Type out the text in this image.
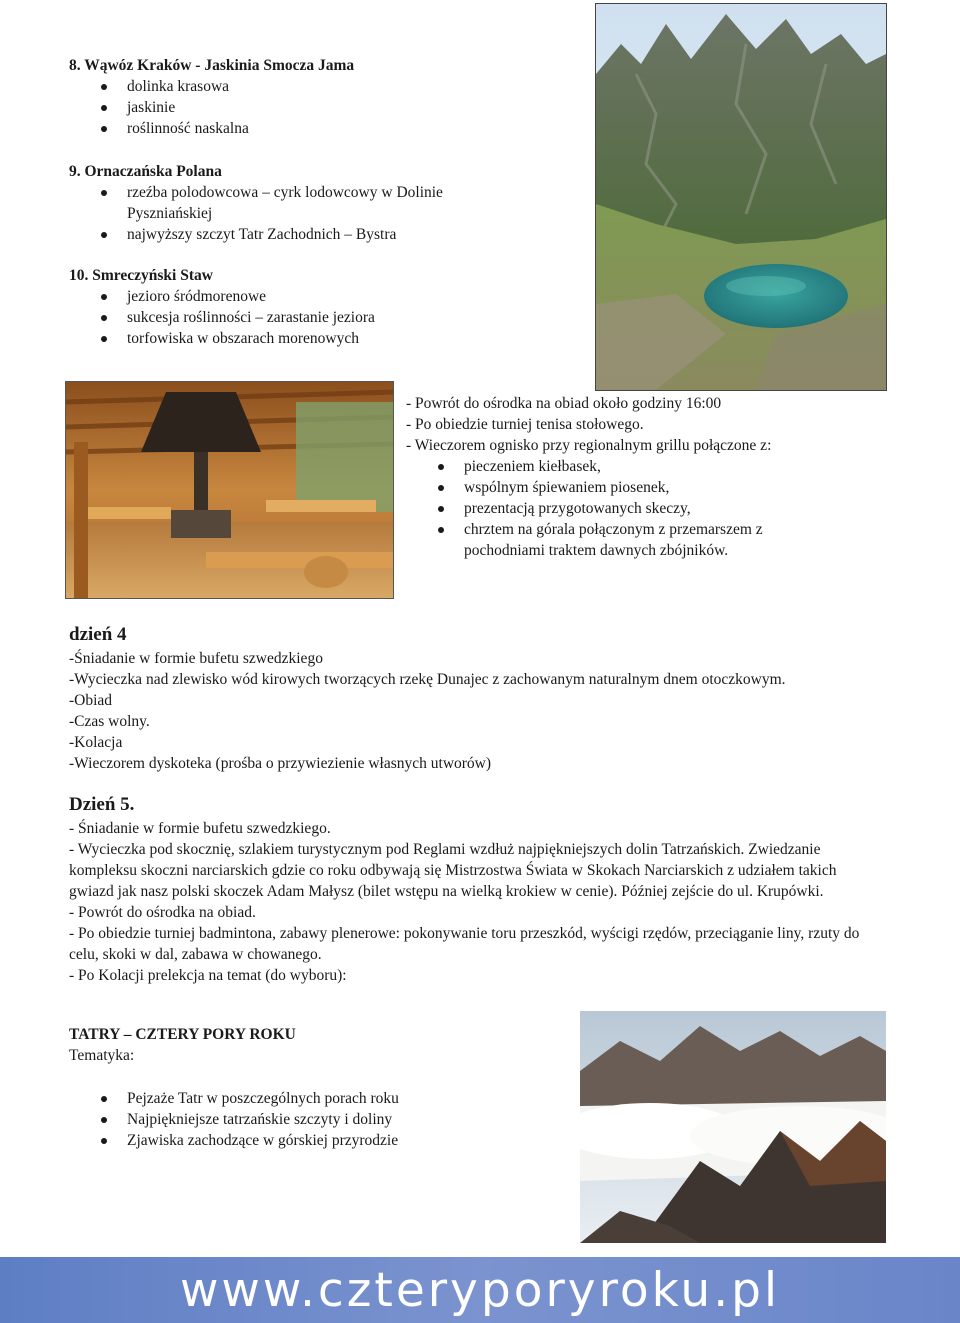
8. Wąwóz Kraków - Jaskinia Smocza Jama
dolinka krasowa
jaskinie
roślinność naskalna
9. Ornaczańska Polana
rzeźba polodowcowa – cyrk lodowcowy w Dolinie Pyszniańskiej
najwyższy szczyt Tatr Zachodnich – Bystra
10. Smreczyński Staw
jezioro śródmorenowe
sukcesja roślinności – zarastanie jeziora
torfowiska w obszarach morenowych
- Powrót do ośrodka na obiad około godziny 16:00
- Po obiedzie turniej tenisa stołowego.
- Wieczorem ognisko przy regionalnym grillu połączone z:
pieczeniem kiełbasek,
wspólnym śpiewaniem piosenek,
prezentacją przygotowanych skeczy,
chrztem na górala połączonym z przemarszem z pochodniami traktem dawnych zbójników.
dzień 4
-Śniadanie w formie bufetu szwedzkiego
-Wycieczka nad zlewisko wód kirowych tworzących rzekę Dunajec z zachowanym naturalnym dnem otoczkowym.
-Obiad
-Czas wolny.
-Kolacja
-Wieczorem dyskoteka (prośba o przywiezienie własnych utworów)
Dzień 5.
- Śniadanie w formie bufetu szwedzkiego.
- Wycieczka pod skocznię, szlakiem turystycznym pod Reglami wzdłuż najpiękniejszych dolin Tatrzańskich. Zwiedzanie kompleksu skoczni narciarskich gdzie co roku odbywają się Mistrzostwa Świata w Skokach Narciarskich z udziałem takich gwiazd jak nasz polski skoczek Adam Małysz (bilet wstępu na wielką krokiew w cenie). Później zejście do ul. Krupówki.
- Powrót do ośrodka na obiad.
- Po obiedzie turniej badmintona, zabawy plenerowe: pokonywanie toru przeszkód, wyścigi rzędów, przeciąganie liny, rzuty do celu, skoki w dal, zabawa w chowanego.
- Po Kolacji prelekcja na temat (do wyboru):
TATRY – CZTERY PORY ROKU
Tematyka:
Pejzaże Tatr w poszczególnych porach roku
Najpiękniejsze tatrzańskie szczyty i doliny
Zjawiska zachodzące w górskiej przyrodzie
www.czteryporyroku.pl
